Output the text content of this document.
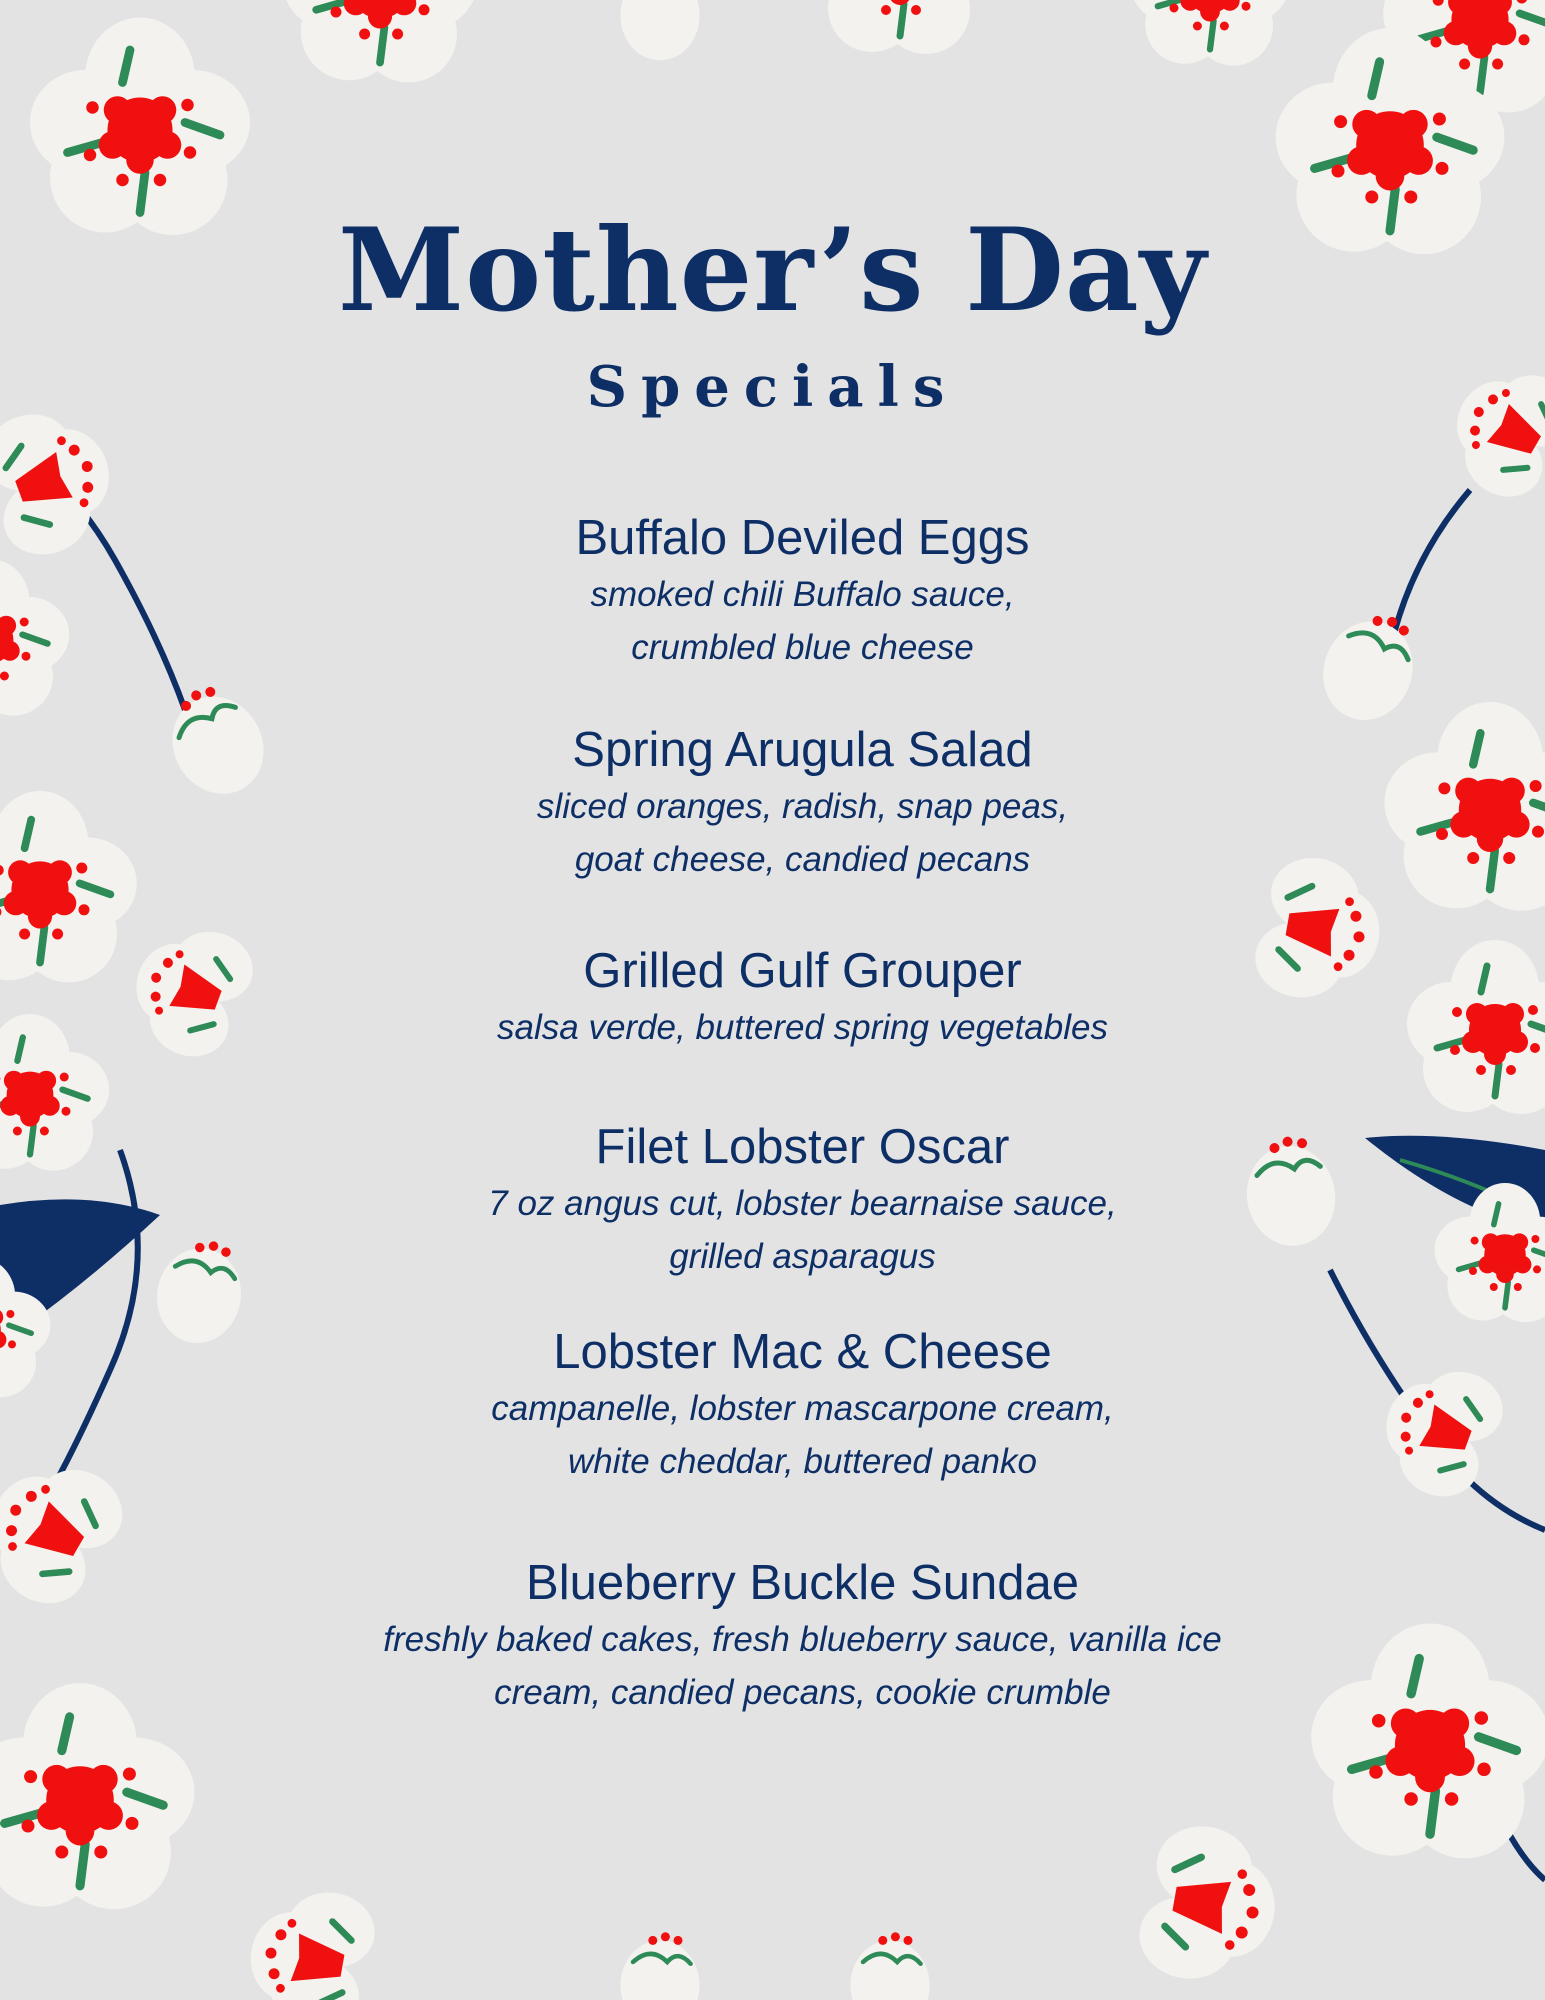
Mother’s Day
Specials
Buffalo Deviled Eggs

smoked chili Buffalo sauce,

crumbled blue cheese

Spring Arugula Salad

sliced oranges, radish, snap peas,

goat cheese, candied pecans

Grilled Gulf Grouper

salsa verde, buttered spring vegetables

Filet Lobster Oscar

7 oz angus cut, lobster bearnaise sauce,

grilled asparagus

Lobster Mac & Cheese

campanelle, lobster mascarpone cream,

white cheddar, buttered panko

Blueberry Buckle Sundae

freshly baked cakes, fresh blueberry sauce, vanilla ice

cream, candied pecans, cookie crumble
